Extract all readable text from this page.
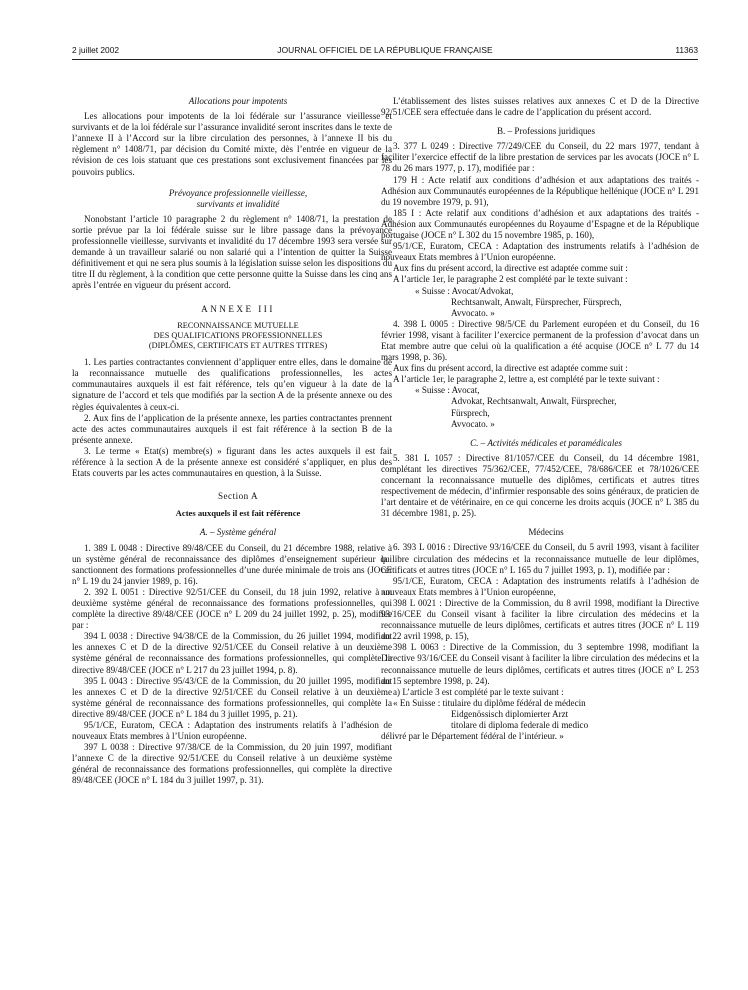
2 juillet 2002	JOURNAL OFFICIEL DE LA RÉPUBLIQUE FRANÇAISE	11363

Allocations pour impotents

Les allocations pour impotents de la loi fédérale sur l’assurance vieillesse et survivants et de la loi fédérale sur l’assurance invalidité seront inscrites dans le texte de l’annexe II à l’Accord sur la libre circulation des personnes, à l’annexe II bis du règlement n° 1408/71, par décision du Comité mixte, dès l’entrée en vigueur de la révision de ces lois statuant que ces prestations sont exclusivement financées par les pouvoirs publics.

Prévoyance professionnelle vieillesse,

survivants et invalidité

Nonobstant l’article 10 paragraphe 2 du règlement n° 1408/71, la prestation de sortie prévue par la loi fédérale suisse sur le libre passage dans la prévoyance professionnelle vieillesse, survivants et invalidité du 17 décembre 1993 sera versée sur demande à un travailleur salarié ou non salarié qui a l’intention de quitter la Suisse définitivement et qui ne sera plus soumis à la législation suisse selon les dispositions du titre II du règlement, à la condition que cette personne quitte la Suisse dans les cinq ans après l’entrée en vigueur du présent accord.

ANNEXE III

RECONNAISSANCE MUTUELLE

DES QUALIFICATIONS PROFESSIONNELLES

(DIPLÔMES, CERTIFICATS ET AUTRES TITRES)

1. Les parties contractantes conviennent d’appliquer entre elles, dans le domaine de la reconnaissance mutuelle des qualifications professionnelles, les actes communautaires auxquels il est fait référence, tels qu’en vigueur à la date de la signature de l’accord et tels que modifiés par la section A de la présente annexe ou des règles équivalentes à ceux-ci.

2. Aux fins de l’application de la présente annexe, les parties contractantes prennent acte des actes communautaires auxquels il est fait référence à la section B de la présente annexe.

3. Le terme « Etat(s) membre(s) » figurant dans les actes auxquels il est fait référence à la section A de la présente annexe est considéré s’appliquer, en plus des Etats couverts par les actes communautaires en question, à la Suisse.

Section A

Actes auxquels il est fait référence

A. – Système général

1. 389 L 0048 : Directive 89/48/CEE du Conseil, du 21 décembre 1988, relative à un système général de reconnaissance des diplômes d’enseignement supérieur qui sanctionnent des formations professionnelles d’une durée minimale de trois ans (JOCE n° L 19 du 24 janvier 1989, p. 16).

2. 392 L 0051 : Directive 92/51/CEE du Conseil, du 18 juin 1992, relative à un deuxième système général de reconnaissance des formations professionnelles, qui complète la directive 89/48/CEE (JOCE n° L 209 du 24 juillet 1992, p. 25), modifiée par :

394 L 0038 : Directive 94/38/CE de la Commission, du 26 juillet 1994, modifiant les annexes C et D de la directive 92/51/CEE du Conseil relative à un deuxième système général de reconnaissance des formations professionnelles, qui complète la directive 89/48/CEE (JOCE n° L 217 du 23 juillet 1994, p. 8).

395 L 0043 : Directive 95/43/CE de la Commission, du 20 juillet 1995, modifiant les annexes C et D de la directive 92/51/CEE du Conseil relative à un deuxième système général de reconnaissance des formations professionnelles, qui complète la directive 89/48/CEE (JOCE n° L 184 du 3 juillet 1995, p. 21).

95/1/CE, Euratom, CECA : Adaptation des instruments relatifs à l’adhésion de nouveaux Etats membres à l’Union européenne.

397 L 0038 : Directive 97/38/CE de la Commission, du 20 juin 1997, modifiant l’annexe C de la directive 92/51/CEE du Conseil relative à un deuxième système général de reconnaissance des formations professionnelles, qui complète la directive 89/48/CEE (JOCE n° L 184 du 3 juillet 1997, p. 31).

L’établissement des listes suisses relatives aux annexes C et D de la Directive 92/51/CEE sera effectuée dans le cadre de l’application du présent accord.

B. – Professions juridiques

3. 377 L 0249 : Directive 77/249/CEE du Conseil, du 22 mars 1977, tendant à faciliter l’exercice effectif de la libre prestation de services par les avocats (JOCE n° L 78 du 26 mars 1977, p. 17), modifiée par :

179 H : Acte relatif aux conditions d’adhésion et aux adaptations des traités - Adhésion aux Communautés européennes de la République hellénique (JOCE n° L 291 du 19 novembre 1979, p. 91),

185 I : Acte relatif aux conditions d’adhésion et aux adaptations des traités - Adhésion aux Communautés européennes du Royaume d’Espagne et de la République portugaise (JOCE n° L 302 du 15 novembre 1985, p. 160),

95/1/CE, Euratom, CECA : Adaptation des instruments relatifs à l’adhésion de nouveaux Etats membres à l’Union européenne.

Aux fins du présent accord, la directive est adaptée comme suit :

A l’article 1er, le paragraphe 2 est complété par le texte suivant :

« Suisse : Avocat/Advokat,

Rechtsanwalt, Anwalt, Fürsprecher, Fürsprech,

Avvocato. »

4. 398 L 0005 : Directive 98/5/CE du Parlement européen et du Conseil, du 16 février 1998, visant à faciliter l’exercice permanent de la profession d’avocat dans un Etat membre autre que celui où la qualification a été acquise (JOCE n° L 77 du 14 mars 1998, p. 36).

Aux fins du présent accord, la directive est adaptée comme suit :

A l’article 1er, le paragraphe 2, lettre a, est complété par le texte suivant :

« Suisse : Avocat,

Advokat, Rechtsanwalt, Anwalt, Fürsprecher,

Fürsprech,

Avvocato. »

C. – Activités médicales et paramédicales

5. 381 L 1057 : Directive 81/1057/CEE du Conseil, du 14 décembre 1981, complétant les directives 75/362/CEE, 77/452/CEE, 78/686/CEE et 78/1026/CEE concernant la reconnaissance mutuelle des diplômes, certificats et autres titres respectivement de médecin, d’infirmier responsable des soins généraux, de praticien de l’art dentaire et de vétérinaire, en ce qui concerne les droits acquis (JOCE n° L 385 du 31 décembre 1981, p. 25).

Médecins

6. 393 L 0016 : Directive 93/16/CEE du Conseil, du 5 avril 1993, visant à faciliter la libre circulation des médecins et la reconnaissance mutuelle de leur diplômes, certificats et autres titres (JOCE n° L 165 du 7 juillet 1993, p. 1), modifiée par :

95/1/CE, Euratom, CECA : Adaptation des instruments relatifs à l’adhésion de nouveaux Etats membres à l’Union européenne,

398 L 0021 : Directive de la Commission, du 8 avril 1998, modifiant la Directive 93/16/CEE du Conseil visant à faciliter la libre circulation des médecins et la reconnaissance mutuelle de leurs diplômes, certificats et autres titres (JOCE n° L 119 du 22 avril 1998, p. 15),

398 L 0063 : Directive de la Commission, du 3 septembre 1998, modifiant la Directive 93/16/CEE du Conseil visant à faciliter la libre circulation des médecins et la reconnaissance mutuelle de leurs diplômes, certificats et autres titres (JOCE n° L 253 du 15 septembre 1998, p. 24).

a) L’article 3 est complété par le texte suivant :

« En Suisse : titulaire du diplôme fédéral de médecin

Eidgenössisch diplomierter Arzt

titolare di diploma federale di medico

délivré par le Département fédéral de l’intérieur. »
